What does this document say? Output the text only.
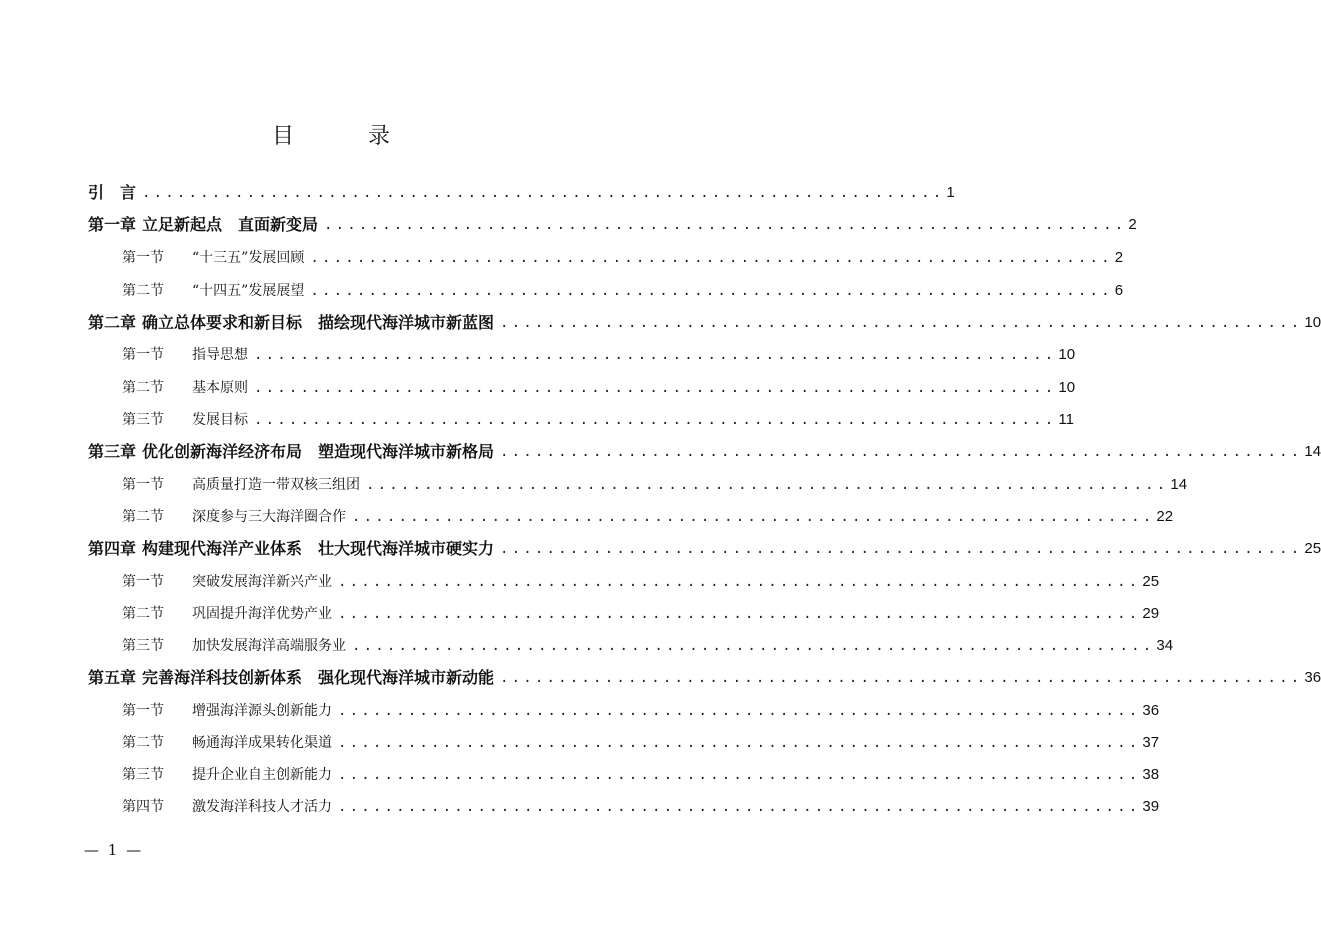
目　录
引　言 ..................................................................... 1
第一章 立足新起点　直面新变局 ..................................................................... 2
第一节	“十三五”发展回顾 ..................................................................... 2
第二节	“十四五”发展展望 ..................................................................... 6
第二章 确立总体要求和新目标　描绘现代海洋城市新蓝图 ..................................................................... 10
第一节	指导思想 ..................................................................... 10
第二节	基本原则 ..................................................................... 10
第三节	发展目标 ..................................................................... 11
第三章 优化创新海洋经济布局　塑造现代海洋城市新格局 ..................................................................... 14
第一节	高质量打造一带双核三组团 ..................................................................... 14
第二节	深度参与三大海洋圈合作 ..................................................................... 22
第四章 构建现代海洋产业体系　壮大现代海洋城市硬实力 ..................................................................... 25
第一节	突破发展海洋新兴产业 ..................................................................... 25
第二节	巩固提升海洋优势产业 ..................................................................... 29
第三节	加快发展海洋高端服务业 ..................................................................... 34
第五章 完善海洋科技创新体系　强化现代海洋城市新动能 ..................................................................... 36
第一节	增强海洋源头创新能力 ..................................................................... 36
第二节	畅通海洋成果转化渠道 ..................................................................... 37
第三节	提升企业自主创新能力 ..................................................................... 38
第四节	激发海洋科技人才活力 ..................................................................... 39
— 1 —
